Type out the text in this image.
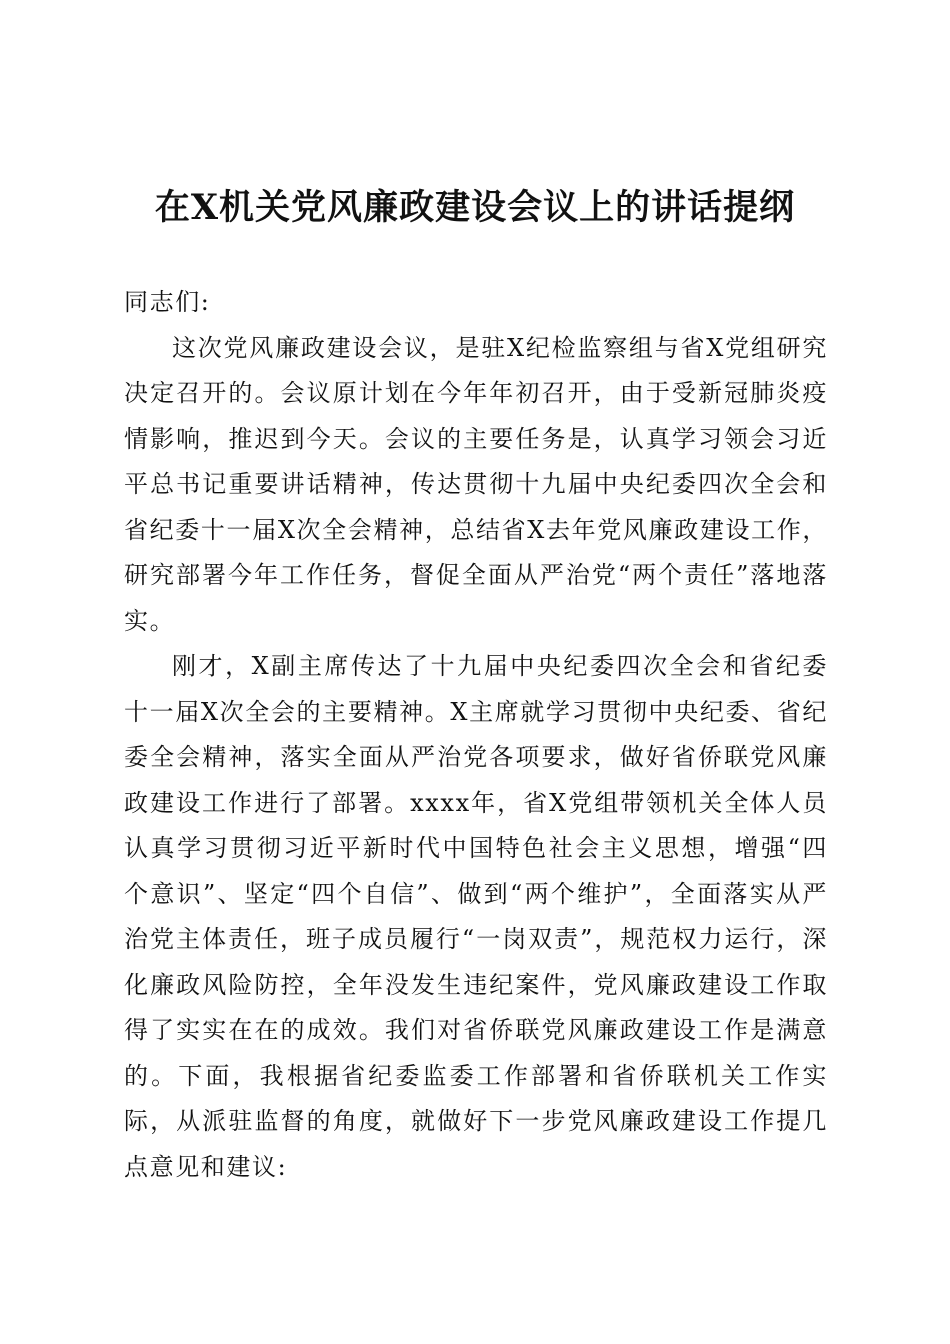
在X机关党风廉政建设会议上的讲话提纲

同志们:

这次党风廉政建设会议，是驻X纪检监察组与省X党组研究决定召开的。会议原计划在今年年初召开，由于受新冠肺炎疫情影响，推迟到今天。会议的主要任务是，认真学习领会习近平总书记重要讲话精神，传达贯彻十九届中央纪委四次全会和省纪委十一届X次全会精神，总结省X去年党风廉政建设工作，研究部署今年工作任务，督促全面从严治党“两个责任”落地落实。

刚才，X副主席传达了十九届中央纪委四次全会和省纪委十一届X次全会的主要精神。X主席就学习贯彻中央纪委、省纪委全会精神，落实全面从严治党各项要求，做好省侨联党风廉政建设工作进行了部署。xxxx年，省X党组带领机关全体人员认真学习贯彻习近平新时代中国特色社会主义思想，增强“四个意识”、坚定“四个自信”、做到“两个维护”，全面落实从严治党主体责任，班子成员履行“一岗双责”，规范权力运行，深化廉政风险防控，全年没发生违纪案件，党风廉政建设工作取得了实实在在的成效。我们对省侨联党风廉政建设工作是满意的。下面，我根据省纪委监委工作部署和省侨联机关工作实际，从派驻监督的角度，就做好下一步党风廉政建设工作提几点意见和建议:
